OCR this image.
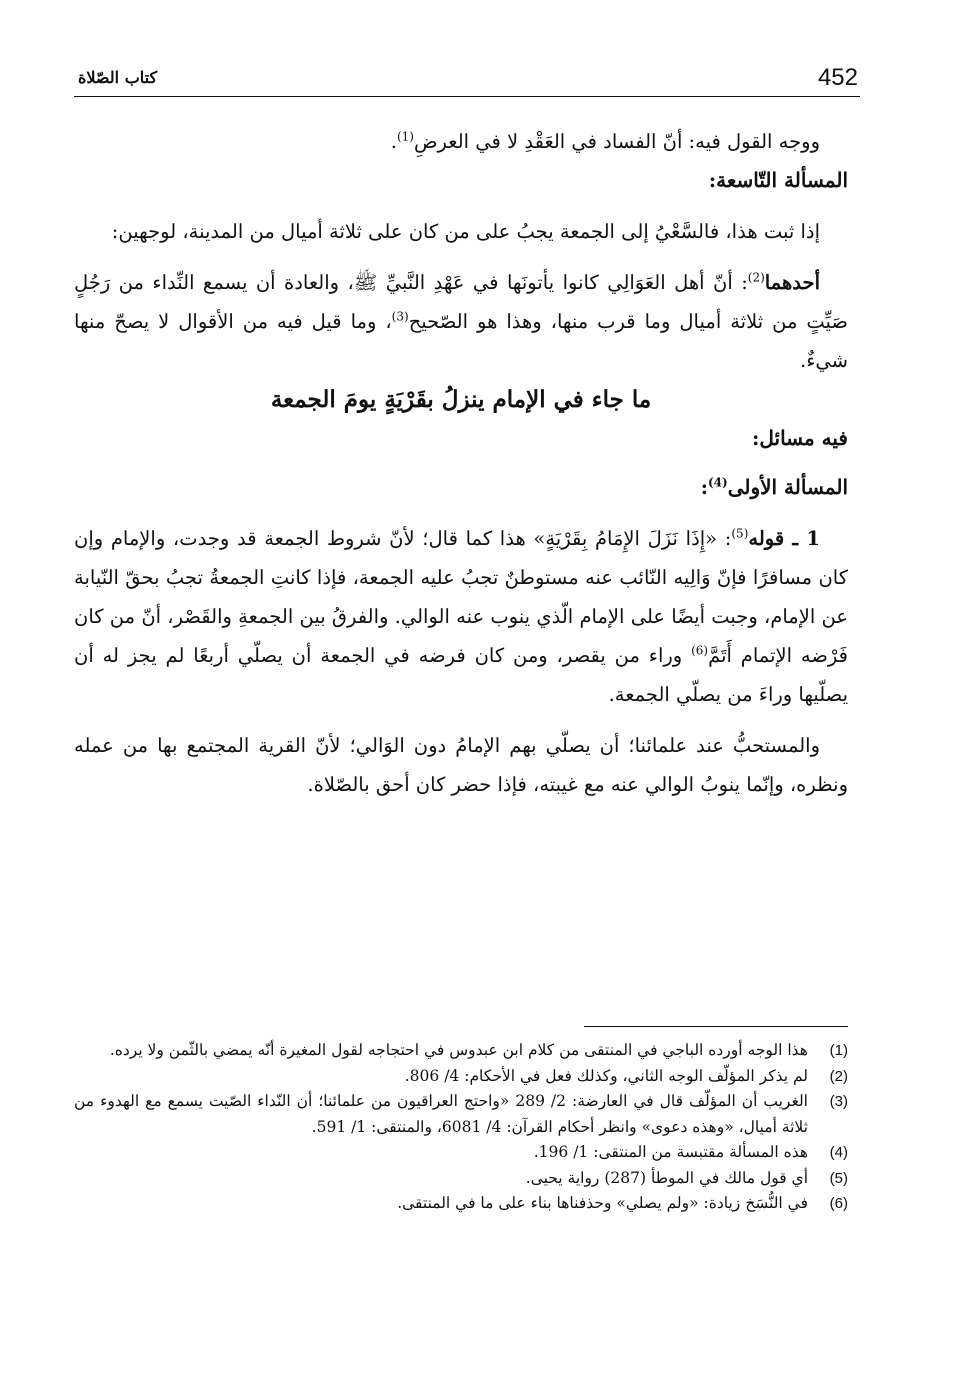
452
كتاب الصّلاة

ووجه القول فيه: أنّ الفساد في العَقْدِ لا في العرضِ$^{(1)}$.

المسألة التّاسعة:

إذا ثبت هذا، فالسَّعْيُ إلى الجمعة يجبُ على من كان على ثلاثة أميال من المدينة، لوجهين:

أحدهما$^{(2)}$: أنّ أهل العَوَالِي كانوا يأتونَها في عَهْدِ النَّبيِّ ﷺ، والعادة أن يسمع النِّداء من رَجُلٍ صَيِّتٍ من ثلاثة أميال وما قرب منها، وهذا هو الصّحيح$^{(3)}$، وما قيل فيه من الأقوال لا يصحّ منها شيءٌ.

ما جاء في الإمام ينزلُ بقَرْيَةٍ يومَ الجمعة

فيه مسائل:

المسألة الأولى$^{(4)}$:

1 ـ قوله$^{(5)}$: «إِذَا نَزَلَ الإِمَامُ بِقَرْيَةٍ» هذا كما قال؛ لأنّ شروط الجمعة قد وجدت، والإمام وإن كان مسافرًا فإنّ وَالِيه النّائب عنه مستوطنٌ تجبُ عليه الجمعة، فإذا كانتِ الجمعةُ تجبُ بحقّ النّيابة عن الإمام، وجبت أيضًا على الإمام الّذي ينوب عنه الوالي. والفرقُ بين الجمعةِ والقَصْر، أنّ من كان فَرْضه الإتمام أَتَمَّ$^{(6)}$ وراء من يقصر، ومن كان فرضه في الجمعة أن يصلّي أربعًا لم يجز له أن يصلّيها وراءَ من يصلّي الجمعة.

والمستحبُّ عند علمائنا؛ أن يصلّي بهم الإمامُ دون الوَالي؛ لأنّ القرية المجتمع بها من عمله ونظره، وإنّما ينوبُ الوالي عنه مع غيبته، فإذا حضر كان أحق بالصّلاة.

(1)
هذا الوجه أورده الباجي في المنتقى من كلام ابن عبدوس في احتجاجه لقول المغيرة أنّه يمضي بالثّمن ولا يرده.
(2)
لم يذكر المؤلّف الوجه الثاني، وكذلك فعل في الأحكام: 4/ 806.
(3)
الغريب أن المؤلّف قال في العارضة: 2/ 289 «واحتج العراقيون من علمائنا؛ أن النّداء الصّيت يسمع مع الهدوء من ثلاثة أميال، «وهذه دعوى» وانظر أحكام القرآن: 4/ 6081، والمنتقى: 1/ 591.
(4)
هذه المسألة مقتبسة من المنتقى: 1/ 196.
(5)
أي قول مالك في الموطأ (287) رواية يحيى.
(6)
في النُّسَخ زيادة: «ولم يصلي» وحذفناها بناء على ما في المنتقى.
